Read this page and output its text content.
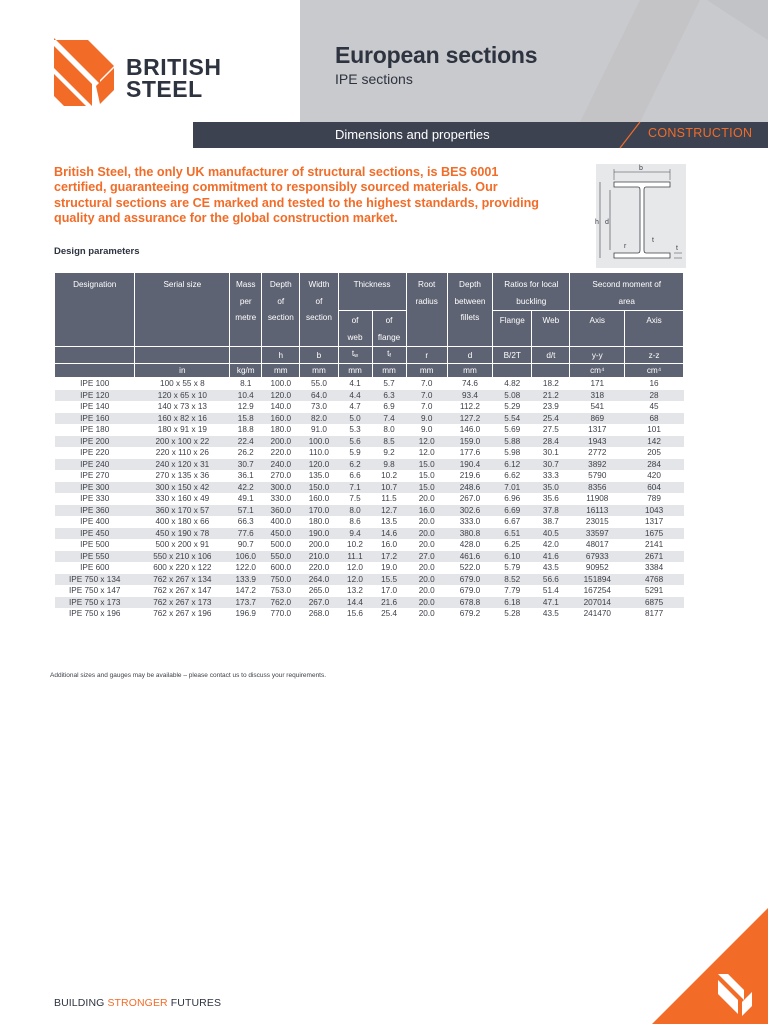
European sections
IPE sections
Dimensions and properties	CONSTRUCTION
BRITISH
STEEL
British Steel, the only UK manufacturer of structural sections, is BES 6001 certified, guaranteeing commitment to responsibly sourced materials. Our structural sections are CE marked and tested to the highest standards, providing quality and assurance for the global construction market.
b
h d
r
t
t
Design parameters
Designation	Serial size	Mass
per
metre	Depth
of
section	Width
of
section	Thickness		Root
radius	Depth
between
fillets	Ratios for local
buckling		Second moment of
area	
					of
web	of
flange			Flange	Web	Axis	Axis
			h	b	tw	tf	r	d	B/2T	d/t	y-y	z-z
	in	kg/m	mm	mm	mm	mm	mm	mm			cm⁴	cm⁴
IPE 100	100 x 55 x 8	8.1	100.0	55.0	4.1	5.7	7.0	74.6	4.82	18.2	171	16
IPE 120	120 x 65 x 10	10.4	120.0	64.0	4.4	6.3	7.0	93.4	5.08	21.2	318	28
IPE 140	140 x 73 x 13	12.9	140.0	73.0	4.7	6.9	7.0	112.2	5.29	23.9	541	45
IPE 160	160 x 82 x 16	15.8	160.0	82.0	5.0	7.4	9.0	127.2	5.54	25.4	869	68
IPE 180	180 x 91 x 19	18.8	180.0	91.0	5.3	8.0	9.0	146.0	5.69	27.5	1317	101
IPE 200	200 x 100 x 22	22.4	200.0	100.0	5.6	8.5	12.0	159.0	5.88	28.4	1943	142
IPE 220	220 x 110 x 26	26.2	220.0	110.0	5.9	9.2	12.0	177.6	5.98	30.1	2772	205
IPE 240	240 x 120 x 31	30.7	240.0	120.0	6.2	9.8	15.0	190.4	6.12	30.7	3892	284
IPE 270	270 x 135 x 36	36.1	270.0	135.0	6.6	10.2	15.0	219.6	6.62	33.3	5790	420
IPE 300	300 x 150 x 42	42.2	300.0	150.0	7.1	10.7	15.0	248.6	7.01	35.0	8356	604
IPE 330	330 x 160 x 49	49.1	330.0	160.0	7.5	11.5	20.0	267.0	6.96	35.6	11908	789
IPE 360	360 x 170 x 57	57.1	360.0	170.0	8.0	12.7	16.0	302.6	6.69	37.8	16113	1043
IPE 400	400 x 180 x 66	66.3	400.0	180.0	8.6	13.5	20.0	333.0	6.67	38.7	23015	1317
IPE 450	450 x 190 x 78	77.6	450.0	190.0	9.4	14.6	20.0	380.8	6.51	40.5	33597	1675
IPE 500	500 x 200 x 91	90.7	500.0	200.0	10.2	16.0	20.0	428.0	6.25	42.0	48017	2141
IPE 550	550 x 210 x 106	106.0	550.0	210.0	11.1	17.2	27.0	461.6	6.10	41.6	67933	2671
IPE 600	600 x 220 x 122	122.0	600.0	220.0	12.0	19.0	20.0	522.0	5.79	43.5	90952	3384
IPE 750 x 134	762 x 267 x 134	133.9	750.0	264.0	12.0	15.5	20.0	679.0	8.52	56.6	151894	4768
IPE 750 x 147	762 x 267 x 147	147.2	753.0	265.0	13.2	17.0	20.0	679.0	7.79	51.4	167254	5291
IPE 750 x 173	762 x 267 x 173	173.7	762.0	267.0	14.4	21.6	20.0	678.8	6.18	47.1	207014	6875
IPE 750 x 196	762 x 267 x 196	196.9	770.0	268.0	15.6	25.4	20.0	679.2	5.28	43.5	241470	8177
Additional sizes and gauges may be available – please contact us to discuss your requirements.
BUILDING STRONGER FUTURES
